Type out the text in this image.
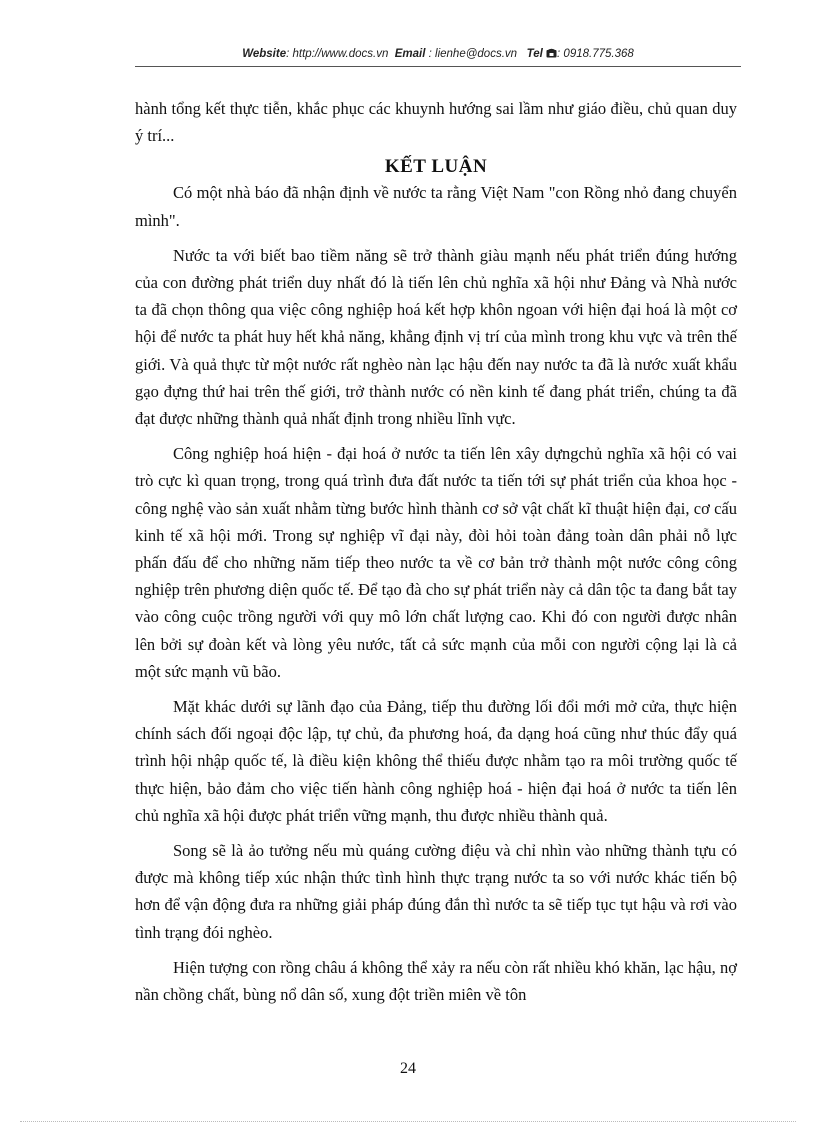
Website: http://www.docs.vn Email : lienhe@docs.vn Tel : 0918.775.368

hành tổng kết thực tiễn, khắc phục các khuynh hướng sai lầm như giáo điều, chủ quan duy ý trí...

KẾT LUẬN

Có một nhà báo đã nhận định về nước ta rằng Việt Nam "con Rồng nhỏ đang chuyển mình".

Nước ta với biết bao tiềm năng sẽ trở thành giàu mạnh nếu phát triển đúng hướng của con đường phát triển duy nhất đó là tiến lên chủ nghĩa xã hội như Đảng và Nhà nước ta đã chọn thông qua việc công nghiệp hoá kết hợp khôn ngoan với hiện đại hoá là một cơ hội để nước ta phát huy hết khả năng, khẳng định vị trí của mình trong khu vực và trên thế giới. Và quả thực từ một nước rất nghèo nàn lạc hậu đến nay nước ta đã là nước xuất khẩu gạo đựng thứ hai trên thế giới, trở thành nước có nền kinh tế đang phát triển, chúng ta đã đạt được những thành quả nhất định trong nhiều lĩnh vực.

Công nghiệp hoá hiện - đại hoá ở nước ta tiến lên xây dựngchủ nghĩa xã hội có vai trò cực kì quan trọng, trong quá trình đưa đất nước ta tiến tới sự phát triển của khoa học - công nghệ vào sản xuất nhằm từng bước hình thành cơ sở vật chất kĩ thuật hiện đại, cơ cấu kinh tế xã hội mới. Trong sự nghiệp vĩ đại này, đòi hỏi toàn đảng toàn dân phải nỗ lực phấn đấu để cho những năm tiếp theo nước ta về cơ bản trở thành một nước công công nghiệp trên phương diện quốc tế. Để tạo đà cho sự phát triển này cả dân tộc ta đang bắt tay vào công cuộc trồng người với quy mô lớn chất lượng cao. Khi đó con người được nhân lên bởi sự đoàn kết và lòng yêu nước, tất cả sức mạnh của mỗi con người cộng lại là cả một sức mạnh vũ bão.

Mặt khác dưới sự lãnh đạo của Đảng, tiếp thu đường lối đổi mới mở cửa, thực hiện chính sách đối ngoại độc lập, tự chủ, đa phương hoá, đa dạng hoá cũng như thúc đẩy quá trình hội nhập quốc tế, là điều kiện không thể thiếu được nhằm tạo ra môi trường quốc tế thực hiện, bảo đảm cho việc tiến hành công nghiệp hoá - hiện đại hoá ở nước ta tiến lên chủ nghĩa xã hội được phát triển vững mạnh, thu được nhiều thành quả.

Song sẽ là ảo tưởng nếu mù quáng cường điệu và chỉ nhìn vào những thành tựu có được mà không tiếp xúc nhận thức tình hình thực trạng nước ta so với nước khác tiến bộ hơn để vận động đưa ra những giải pháp đúng đắn thì nước ta sẽ tiếp tục tụt hậu và rơi vào tình trạng đói nghèo.

Hiện tượng con rồng châu á không thể xảy ra nếu còn rất nhiều khó khăn, lạc hậu, nợ nần chồng chất, bùng nổ dân số, xung đột triền miên về tôn

24
